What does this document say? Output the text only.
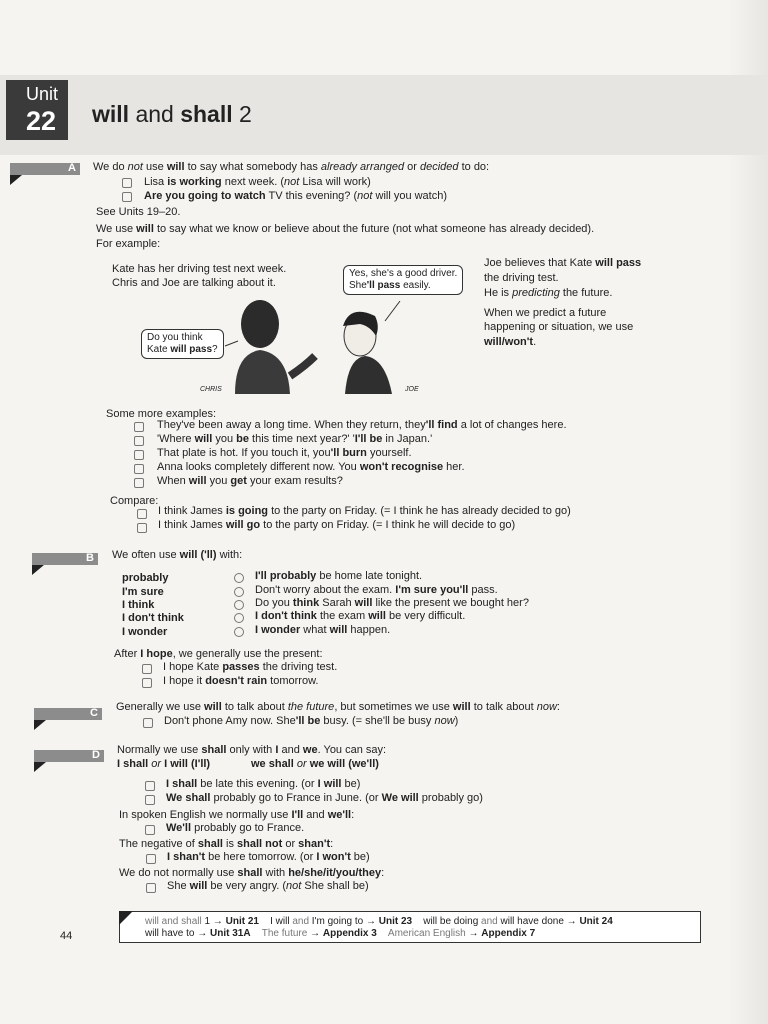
Unit
22 will and shall 2
A We do not use will to say what somebody has already arranged or decided to do:
Lisa is working next week. (not Lisa will work)
Are you going to watch TV this evening? (not will you watch)
See Units 19–20.
We use will to say what we know or believe about the future (not what someone has already decided).
For example:
Kate has her driving test next week.
Chris and Joe are talking about it.
Yes, she's a good driver.
She'll pass easily.
Do you think
Kate will pass?
CHRIS	JOE
Joe believes that Kate will pass
the driving test.
He is predicting the future.
When we predict a future
happening or situation, we use
will/won't.
Some more examples:
They've been away a long time. When they return, they'll find a lot of changes here.
'Where will you be this time next year?' 'I'll be in Japan.'
That plate is hot. If you touch it, you'll burn yourself.
Anna looks completely different now. You won't recognise her.
When will you get your exam results?
Compare:
I think James is going to the party on Friday. (= I think he has already decided to go)
I think James will go to the party on Friday. (= I think he will decide to go)
B We often use will ('ll) with:
probably
I'm sure
I think
I don't think
I wonder
I'll probably be home late tonight.
Don't worry about the exam. I'm sure you'll pass.
Do you think Sarah will like the present we bought her?
I don't think the exam will be very difficult.
I wonder what will happen.
After I hope, we generally use the present:
I hope Kate passes the driving test.
I hope it doesn't rain tomorrow.
C Generally we use will to talk about the future, but sometimes we use will to talk about now:
Don't phone Amy now. She'll be busy. (= she'll be busy now)
D Normally we use shall only with I and we. You can say:
I shall or I will (I'll)	we shall or we will (we'll)
I shall be late this evening. (or I will be)
We shall probably go to France in June. (or We will probably go)
In spoken English we normally use I'll and we'll:
We'll probably go to France.
The negative of shall is shall not or shan't:
I shan't be here tomorrow. (or I won't be)
We do not normally use shall with he/she/it/you/they:
She will be very angry. (not She shall be)
will and shall 1 → Unit 21 I will and I'm going to → Unit 23 will be doing and will have done → Unit 24
will have to → Unit 31A The future → Appendix 3 American English → Appendix 7
44
